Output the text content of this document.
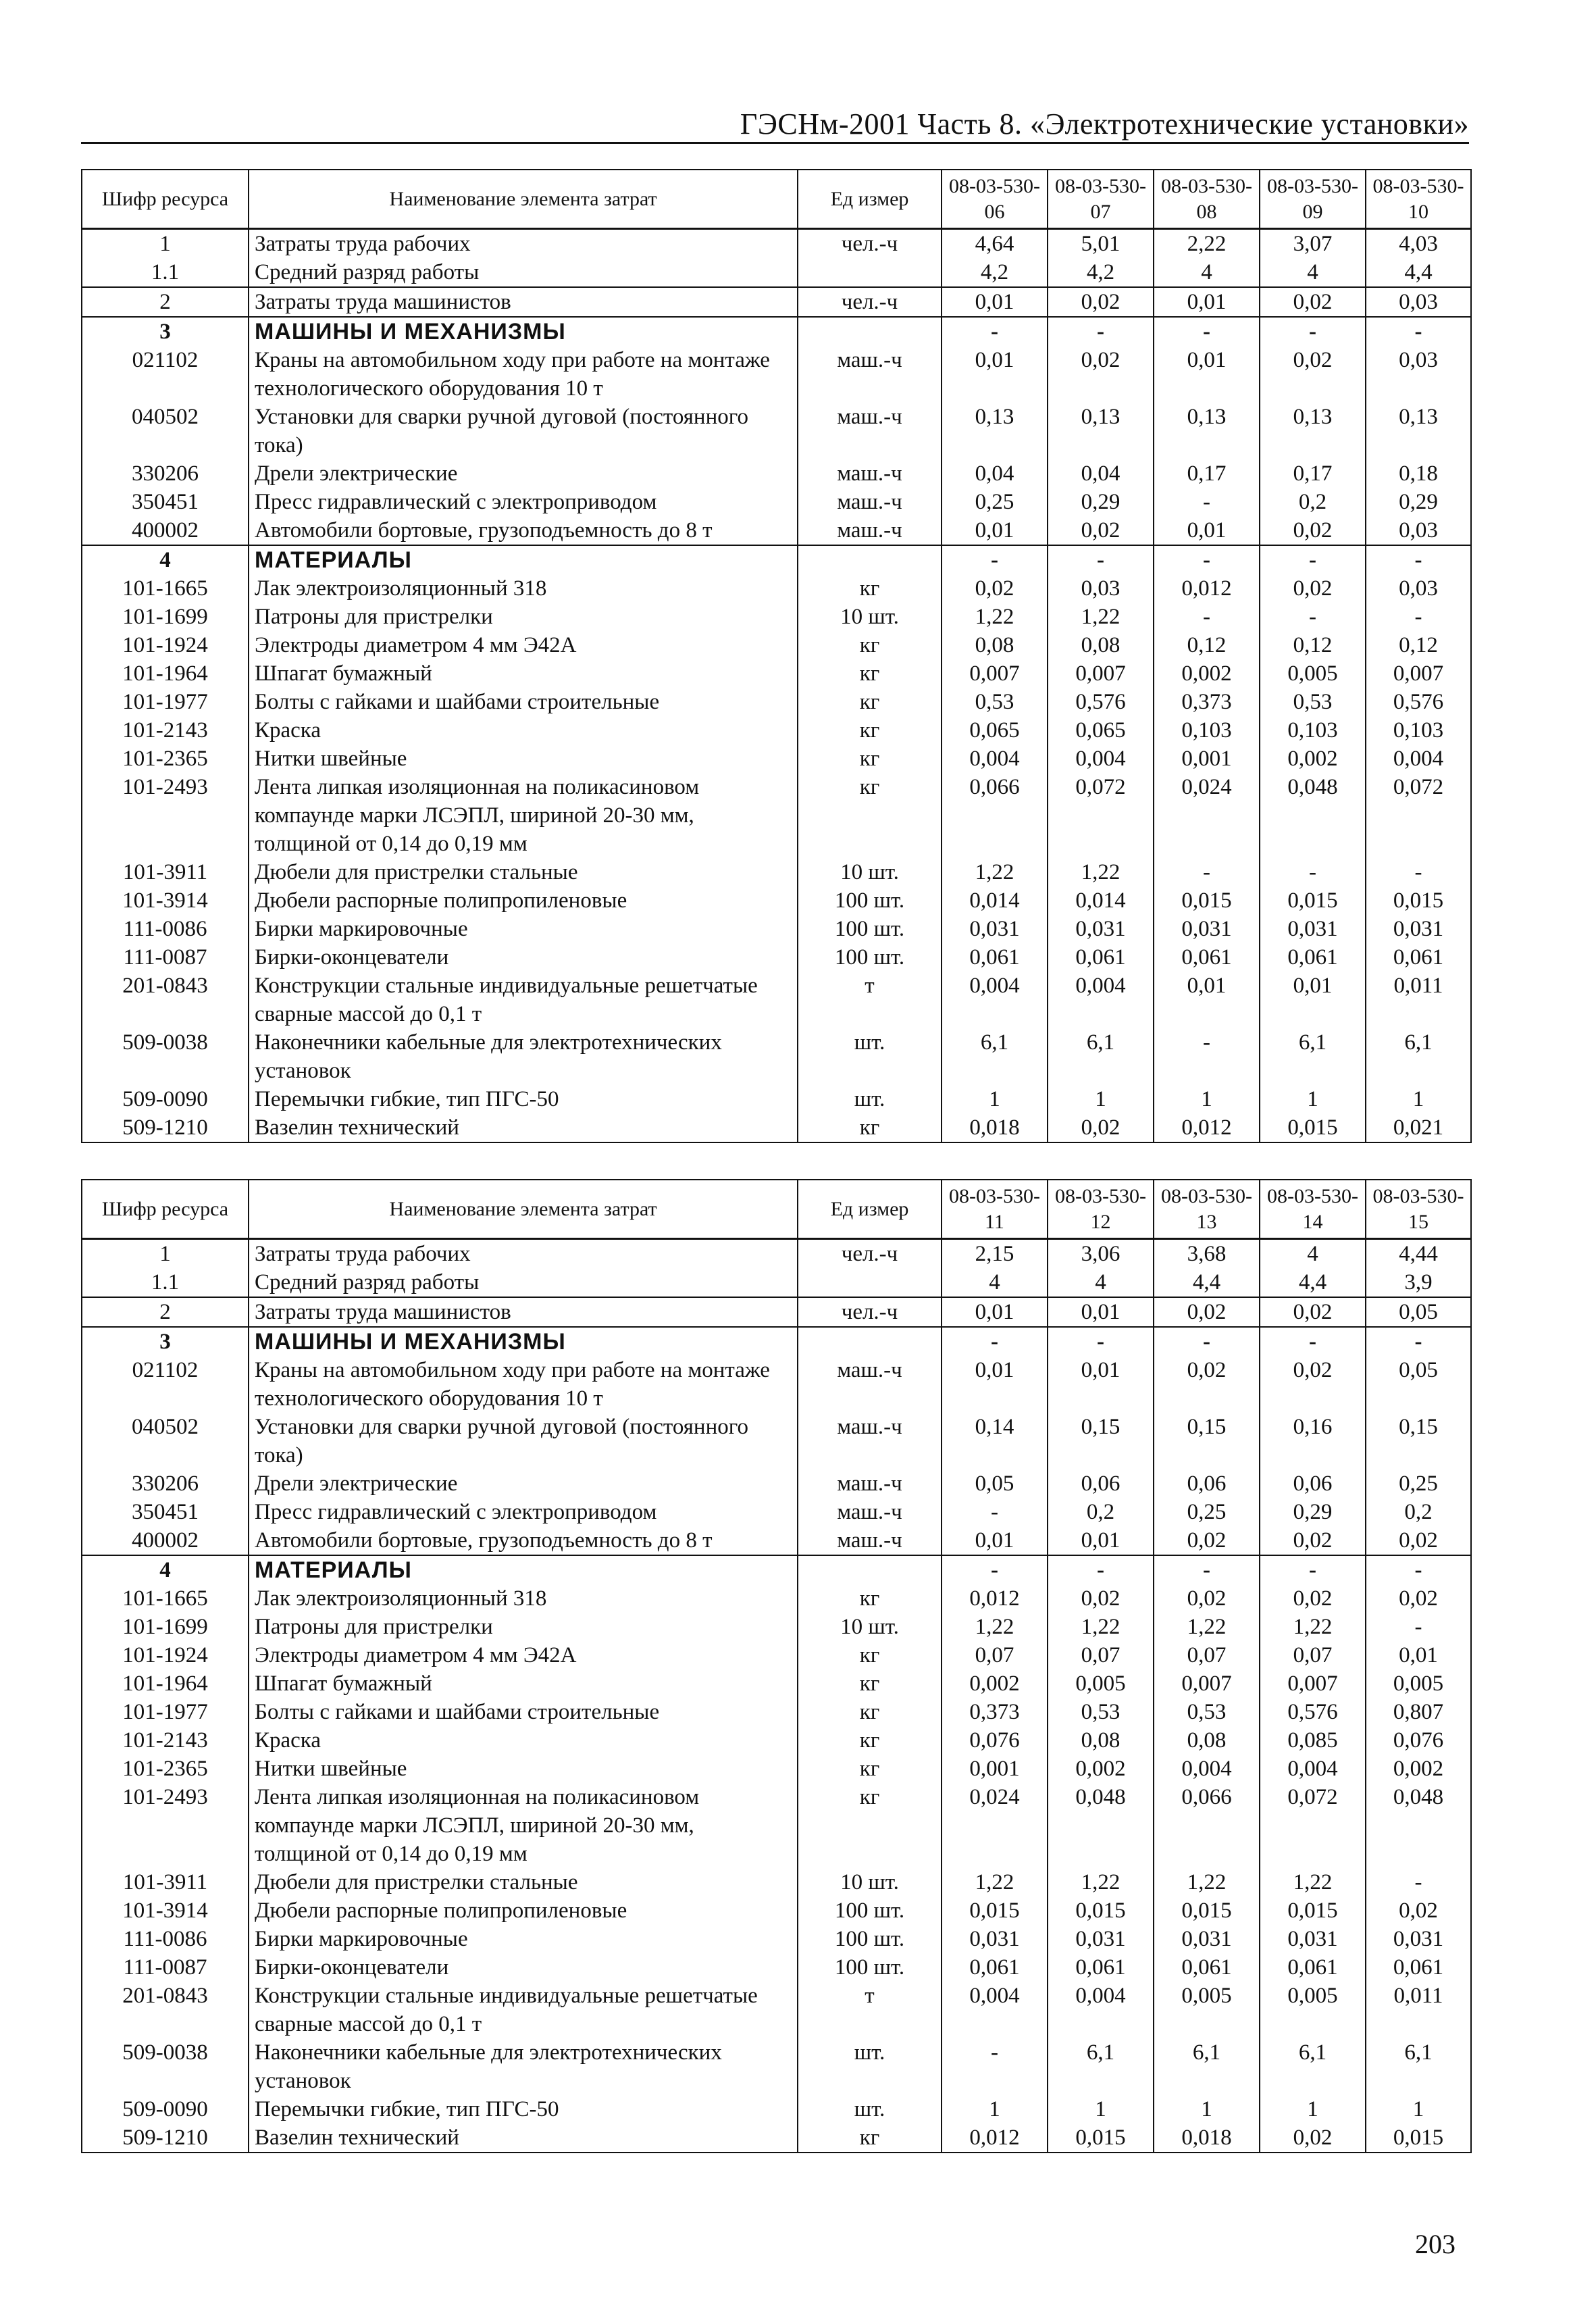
ГЭСНм-2001 Часть 8. «Электротехнические установки»
Шифр ресурса	Наименование элемента затрат	Ед измер	08-03-530-06	08-03-530-07	08-03-530-08	08-03-530-09	08-03-530-10
1	Затраты труда рабочих	чел.-ч	4,64	5,01	2,22	3,07	4,03
1.1	Средний разряд работы		4,2	4,2	4	4	4,4
2	Затраты труда машинистов	чел.-ч	0,01	0,02	0,01	0,02	0,03
3	МАШИНЫ И МЕХАНИЗМЫ		-	-	-	-	-
021102	Краны на автомобильном ходу при работе на монтаже технологического оборудования 10 т	маш.-ч	0,01	0,02	0,01	0,02	0,03
040502	Установки для сварки ручной дуговой (постоянного тока)	маш.-ч	0,13	0,13	0,13	0,13	0,13
330206	Дрели электрические	маш.-ч	0,04	0,04	0,17	0,17	0,18
350451	Пресс гидравлический с электроприводом	маш.-ч	0,25	0,29	-	0,2	0,29
400002	Автомобили бортовые, грузоподъемность до 8 т	маш.-ч	0,01	0,02	0,01	0,02	0,03
4	МАТЕРИАЛЫ		-	-	-	-	-
101-1665	Лак электроизоляционный 318	кг	0,02	0,03	0,012	0,02	0,03
101-1699	Патроны для пристрелки	10 шт.	1,22	1,22	-	-	-
101-1924	Электроды диаметром 4 мм Э42А	кг	0,08	0,08	0,12	0,12	0,12
101-1964	Шпагат бумажный	кг	0,007	0,007	0,002	0,005	0,007
101-1977	Болты с гайками и шайбами строительные	кг	0,53	0,576	0,373	0,53	0,576
101-2143	Краска	кг	0,065	0,065	0,103	0,103	0,103
101-2365	Нитки швейные	кг	0,004	0,004	0,001	0,002	0,004
101-2493	Лента липкая изоляционная на поликасиновом компаунде марки ЛСЭПЛ, шириной 20-30 мм, толщиной от 0,14 до 0,19 мм	кг	0,066	0,072	0,024	0,048	0,072
101-3911	Дюбели для пристрелки стальные	10 шт.	1,22	1,22	-	-	-
101-3914	Дюбели распорные полипропиленовые	100 шт.	0,014	0,014	0,015	0,015	0,015
111-0086	Бирки маркировочные	100 шт.	0,031	0,031	0,031	0,031	0,031
111-0087	Бирки-оконцеватели	100 шт.	0,061	0,061	0,061	0,061	0,061
201-0843	Конструкции стальные индивидуальные решетчатые сварные массой до 0,1 т	т	0,004	0,004	0,01	0,01	0,011
509-0038	Наконечники кабельные для электротехнических установок	шт.	6,1	6,1	-	6,1	6,1
509-0090	Перемычки гибкие, тип ПГС-50	шт.	1	1	1	1	1
509-1210	Вазелин технический	кг	0,018	0,02	0,012	0,015	0,021
Шифр ресурса	Наименование элемента затрат	Ед измер	08-03-530-11	08-03-530-12	08-03-530-13	08-03-530-14	08-03-530-15
1	Затраты труда рабочих	чел.-ч	2,15	3,06	3,68	4	4,44
1.1	Средний разряд работы		4	4	4,4	4,4	3,9
2	Затраты труда машинистов	чел.-ч	0,01	0,01	0,02	0,02	0,05
3	МАШИНЫ И МЕХАНИЗМЫ		-	-	-	-	-
021102	Краны на автомобильном ходу при работе на монтаже технологического оборудования 10 т	маш.-ч	0,01	0,01	0,02	0,02	0,05
040502	Установки для сварки ручной дуговой (постоянного тока)	маш.-ч	0,14	0,15	0,15	0,16	0,15
330206	Дрели электрические	маш.-ч	0,05	0,06	0,06	0,06	0,25
350451	Пресс гидравлический с электроприводом	маш.-ч	-	0,2	0,25	0,29	0,2
400002	Автомобили бортовые, грузоподъемность до 8 т	маш.-ч	0,01	0,01	0,02	0,02	0,02
4	МАТЕРИАЛЫ		-	-	-	-	-
101-1665	Лак электроизоляционный 318	кг	0,012	0,02	0,02	0,02	0,02
101-1699	Патроны для пристрелки	10 шт.	1,22	1,22	1,22	1,22	-
101-1924	Электроды диаметром 4 мм Э42А	кг	0,07	0,07	0,07	0,07	0,01
101-1964	Шпагат бумажный	кг	0,002	0,005	0,007	0,007	0,005
101-1977	Болты с гайками и шайбами строительные	кг	0,373	0,53	0,53	0,576	0,807
101-2143	Краска	кг	0,076	0,08	0,08	0,085	0,076
101-2365	Нитки швейные	кг	0,001	0,002	0,004	0,004	0,002
101-2493	Лента липкая изоляционная на поликасиновом компаунде марки ЛСЭПЛ, шириной 20-30 мм, толщиной от 0,14 до 0,19 мм	кг	0,024	0,048	0,066	0,072	0,048
101-3911	Дюбели для пристрелки стальные	10 шт.	1,22	1,22	1,22	1,22	-
101-3914	Дюбели распорные полипропиленовые	100 шт.	0,015	0,015	0,015	0,015	0,02
111-0086	Бирки маркировочные	100 шт.	0,031	0,031	0,031	0,031	0,031
111-0087	Бирки-оконцеватели	100 шт.	0,061	0,061	0,061	0,061	0,061
201-0843	Конструкции стальные индивидуальные решетчатые сварные массой до 0,1 т	т	0,004	0,004	0,005	0,005	0,011
509-0038	Наконечники кабельные для электротехнических установок	шт.	-	6,1	6,1	6,1	6,1
509-0090	Перемычки гибкие, тип ПГС-50	шт.	1	1	1	1	1
509-1210	Вазелин технический	кг	0,012	0,015	0,018	0,02	0,015
203
